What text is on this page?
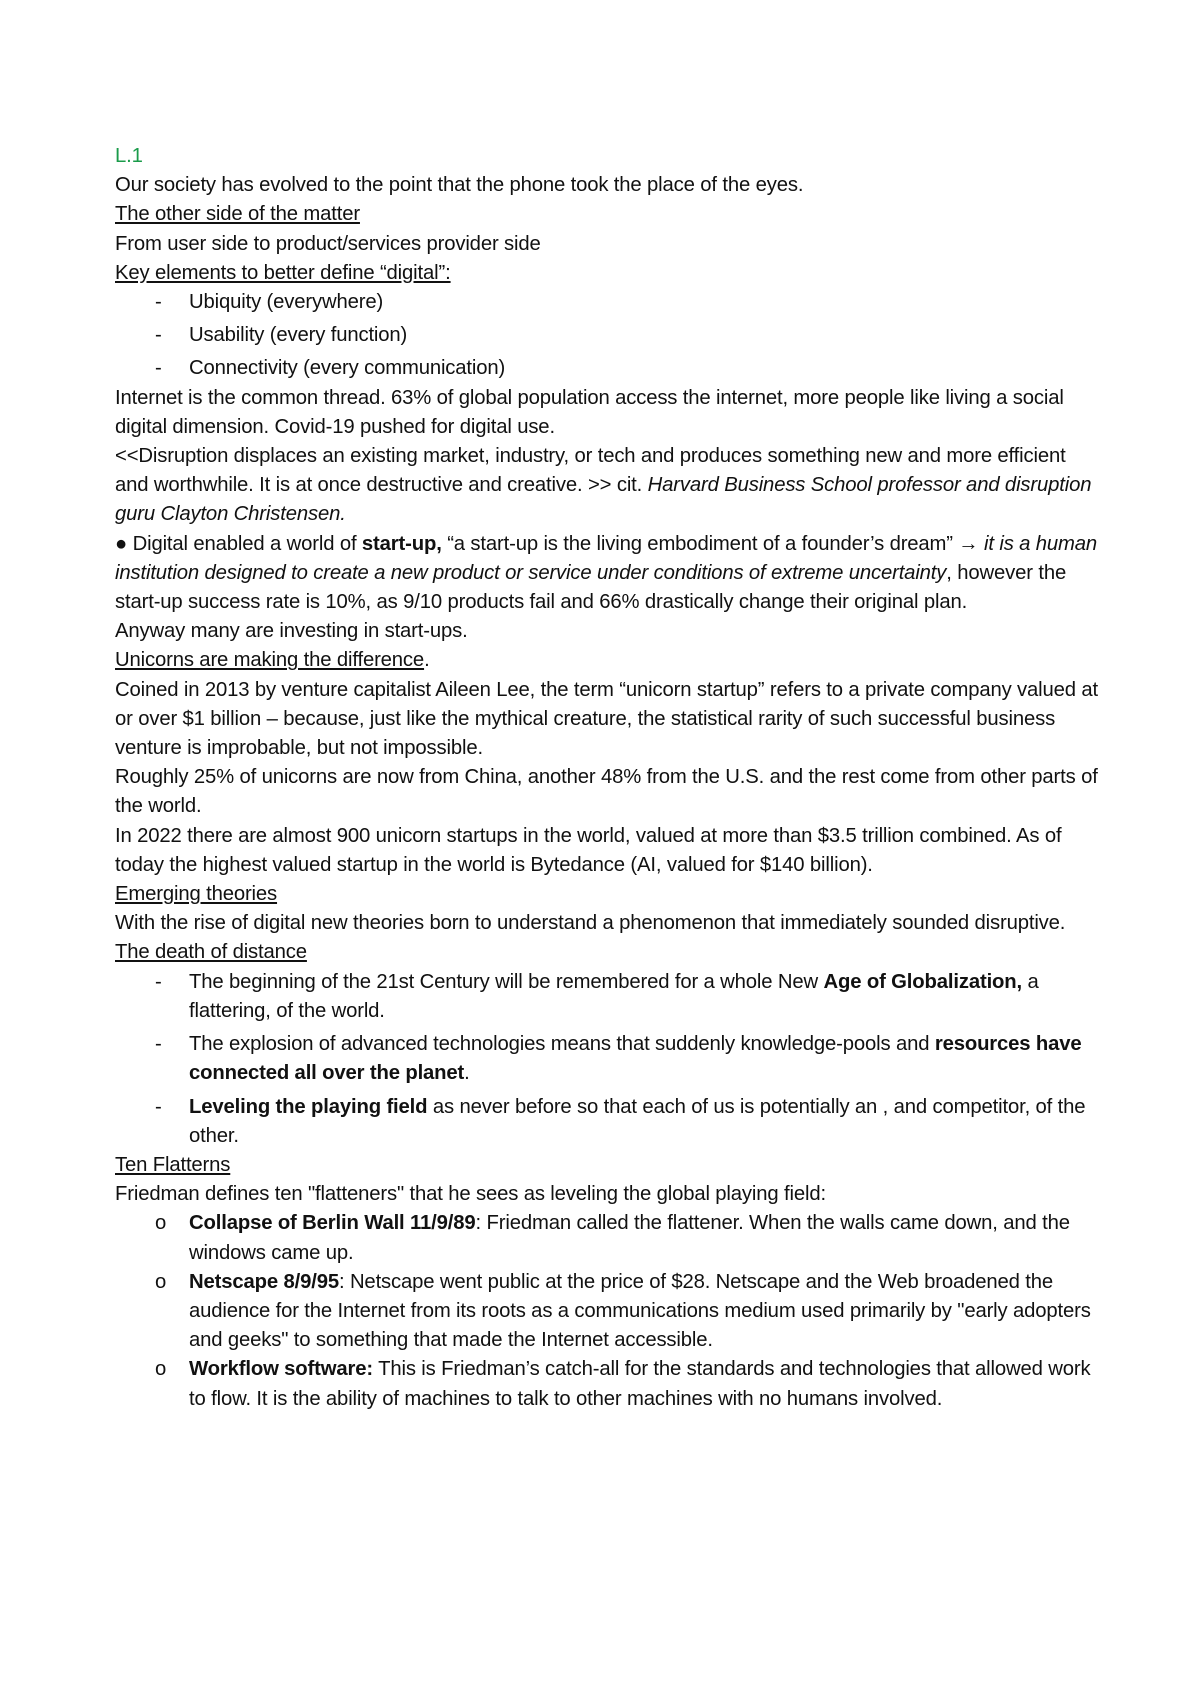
L.1

Our society has evolved to the point that the phone took the place of the eyes.

The other side of the matter

From user side to product/services provider side

Key elements to better define “digital”:

-	Ubiquity (everywhere)

-	Usability (every function)

-	Connectivity (every communication)

Internet is the common thread. 63% of global population access the internet, more people like living a social digital dimension. Covid-19 pushed for digital use.

<<Disruption displaces an existing market, industry, or tech and produces something new and more efficient and worthwhile. It is at once destructive and creative. >> cit. Harvard Business School professor and disruption guru Clayton Christensen.

● Digital enabled a world of start-up, “a start-up is the living embodiment of a founder’s dream” → it is a human institution designed to create a new product or service under conditions of extreme uncertainty, however the start-up success rate is 10%, as 9/10 products fail and 66% drastically change their original plan.

Anyway many are investing in start-ups.

Unicorns are making the difference.

Coined in 2013 by venture capitalist Aileen Lee, the term “unicorn startup” refers to a private company valued at or over $1 billion – because, just like the mythical creature, the statistical rarity of such successful business venture is improbable, but not impossible.

Roughly 25% of unicorns are now from China, another 48% from the U.S. and the rest come from other parts of the world.

In 2022 there are almost 900 unicorn startups in the world, valued at more than $3.5 trillion combined. As of today the highest valued startup in the world is Bytedance (AI, valued for $140 billion).

Emerging theories

With the rise of digital new theories born to understand a phenomenon that immediately sounded disruptive.

The death of distance

-	The beginning of the 21st Century will be remembered for a whole New Age of Globalization, a flattering, of the world.

-	The explosion of advanced technologies means that suddenly knowledge-pools and resources have connected all over the planet.

-	Leveling the playing field as never before so that each of us is potentially an , and competitor, of the other.

Ten Flatterns

Friedman defines ten "flatteners" that he sees as leveling the global playing field:

o	Collapse of Berlin Wall 11/9/89: Friedman called the flattener. When the walls came down, and the windows came up.

o	Netscape 8/9/95: Netscape went public at the price of $28. Netscape and the Web broadened the audience for the Internet from its roots as a communications medium used primarily by "early adopters and geeks" to something that made the Internet accessible.

o	Workflow software: This is Friedman’s catch-all for the standards and technologies that allowed work to flow. It is the ability of machines to talk to other machines with no humans involved.
